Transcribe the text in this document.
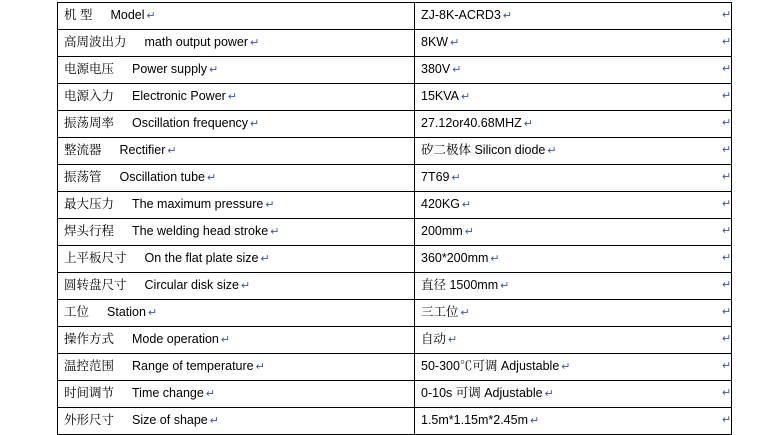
机 型 Model ↵	ZJ-8K-ACRD3 ↵
高周波出力 math output power ↵	8KW ↵
电源电压 Power supply ↵	380V ↵
电源入力 Electronic Power ↵	15KVA ↵
振荡周率 Oscillation frequency ↵	27.12or40.68MHZ ↵
整流器 Rectifier ↵	矽二极体 Silicon diode ↵
振荡管 Oscillation tube ↵	7T69 ↵
最大压力 The maximum pressure ↵	420KG ↵
焊头行程 The welding head stroke ↵	200mm ↵
上平板尺寸 On the flat plate size ↵	360*200mm ↵
圆转盘尺寸 Circular disk size ↵	直径 1500mm ↵
工位 Station ↵	三工位 ↵
操作方式 Mode operation ↵	自动 ↵
温控范围 Range of temperature ↵	50-300℃可调 Adjustable ↵
时间调节 Time change ↵	0-10s 可调 Adjustable ↵
外形尺寸 Size of shape ↵	1.5m*1.15m*2.45m ↵
↵
↵
↵
↵
↵
↵
↵
↵
↵
↵
↵
↵
↵
↵
↵
↵
